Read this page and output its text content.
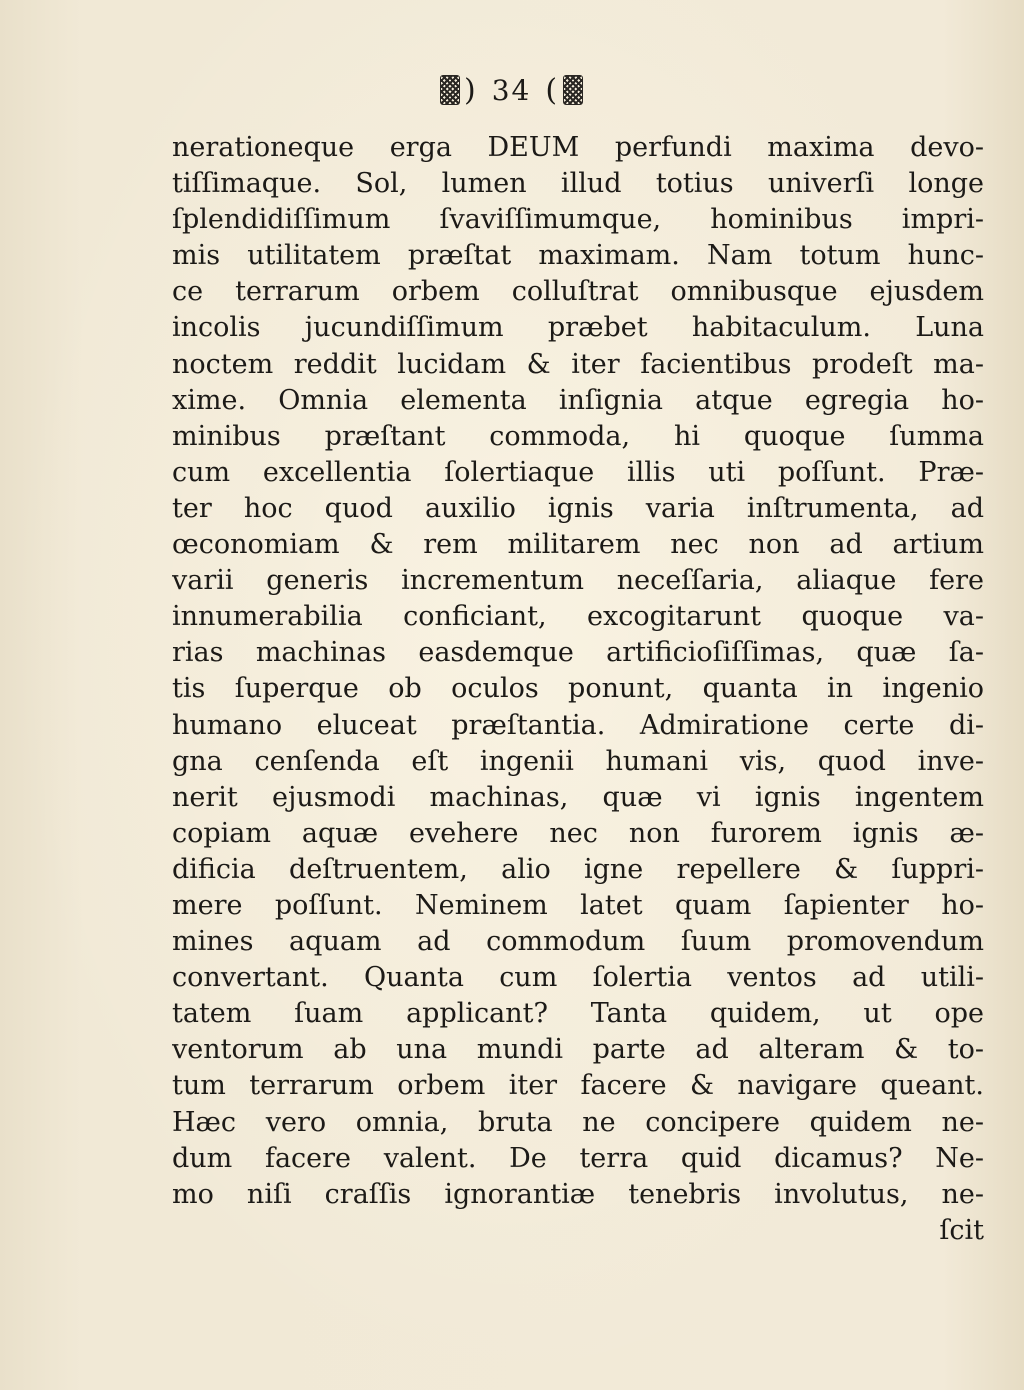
) 34 (
nerationeque erga DEUM perfundi maxima devo-
tiſſimaque. Sol, lumen illud totius univerſi longe
ſplendidiſſimum ſvaviſſimumque, hominibus impri-
mis utilitatem præſtat maximam. Nam totum hunc-
ce terrarum orbem colluſtrat omnibusque ejusdem
incolis jucundiſſimum præbet habitaculum. Luna
noctem reddit lucidam & iter facientibus prodeſt ma-
xime. Omnia elementa inſignia atque egregia ho-
minibus præſtant commoda, hi quoque ſumma
cum excellentia ſolertiaque illis uti poſſunt. Præ-
ter hoc quod auxilio ignis varia inſtrumenta, ad
œconomiam & rem militarem nec non ad artium
varii generis incrementum neceſſaria, aliaque fere
innumerabilia conficiant, excogitarunt quoque va-
rias machinas easdemque artificioſiſſimas, quæ ſa-
tis ſuperque ob oculos ponunt, quanta in ingenio
humano eluceat præſtantia. Admiratione certe di-
gna cenſenda eſt ingenii humani vis, quod inve-
nerit ejusmodi machinas, quæ vi ignis ingentem
copiam aquæ evehere nec non furorem ignis æ-
dificia deſtruentem, alio igne repellere & ſuppri-
mere poſſunt. Neminem latet quam ſapienter ho-
mines aquam ad commodum ſuum promovendum
convertant. Quanta cum ſolertia ventos ad utili-
tatem ſuam applicant? Tanta quidem, ut ope
ventorum ab una mundi parte ad alteram & to-
tum terrarum orbem iter facere & navigare queant.
Hæc vero omnia, bruta ne concipere quidem ne-
dum facere valent. De terra quid dicamus? Ne-
mo niſi craſſis ignorantiæ tenebris involutus, ne-
ſcit
